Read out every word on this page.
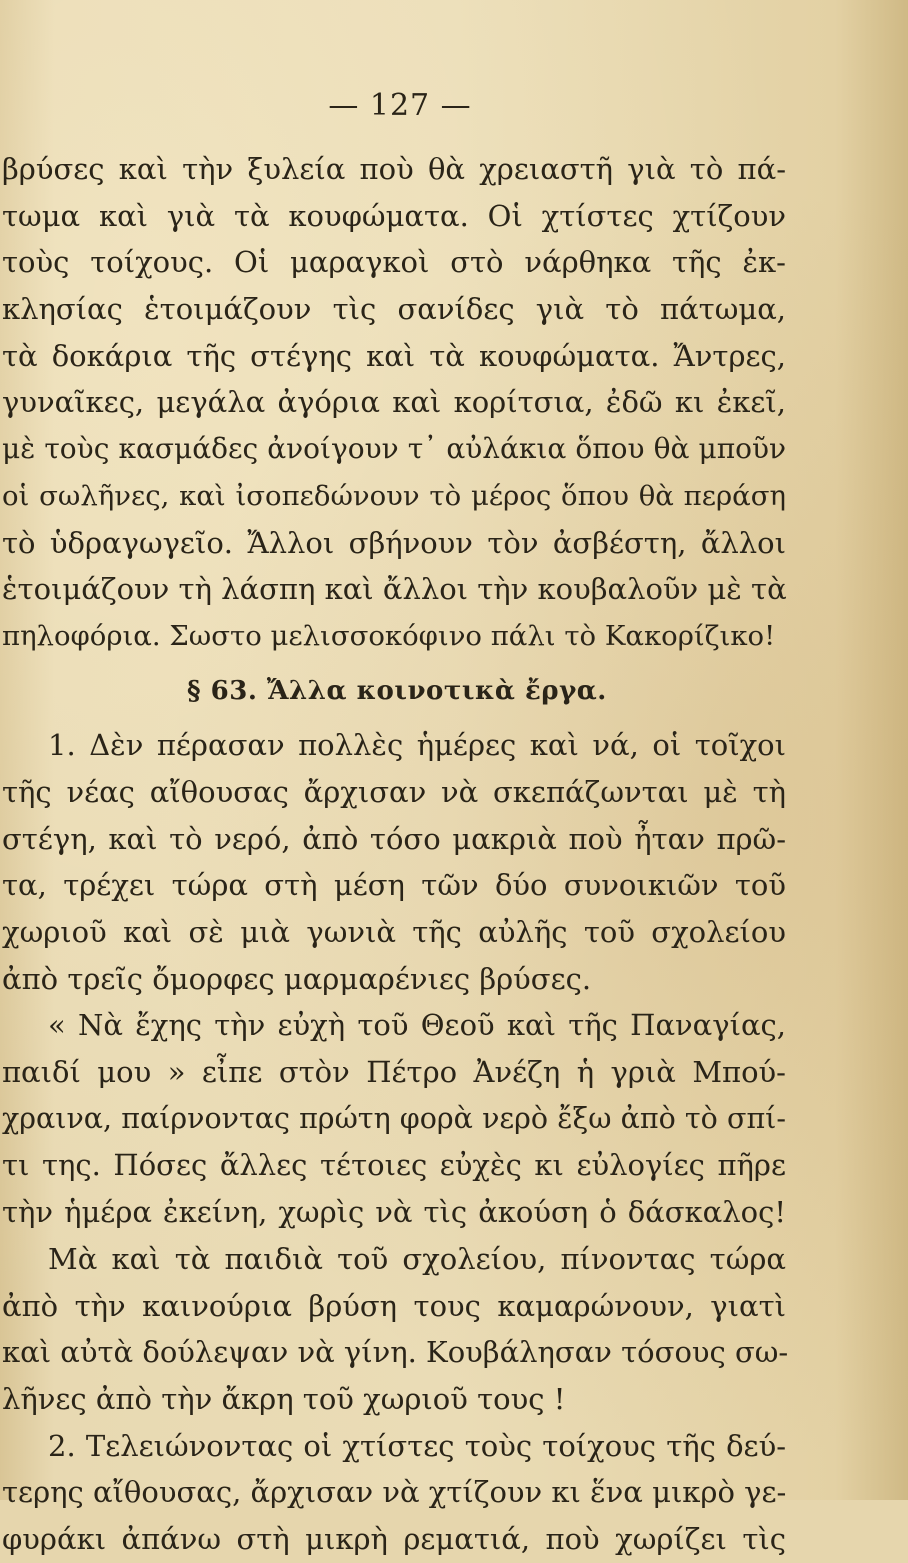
— 127 —
βρύσες καὶ τὴν ξυλεία ποὺ θὰ χρειαστῆ γιὰ τὸ πά-
τωμα καὶ γιὰ τὰ κουφώματα. Οἱ χτίστες χτίζουν
τοὺς τοίχους. Οἱ μαραγκοὶ στὸ νάρθηκα τῆς ἐκ-
κλησίας ἑτοιμάζουν τὶς σανίδες γιὰ τὸ πάτωμα,
τὰ δοκάρια τῆς στέγης καὶ τὰ κουφώματα. Ἄντρες,
γυναῖκες, μεγάλα ἀγόρια καὶ κορίτσια, ἐδῶ κι ἐκεῖ,
μὲ τοὺς κασμάδες ἀνοίγουν τ᾽ αὐλάκια ὅπου θὰ μποῦν
οἱ σωλῆνες, καὶ ἰσοπεδώνουν τὸ μέρος ὅπου θὰ περάση
τὸ ὑδραγωγεῖο. Ἄλλοι σβήνουν τὸν ἀσβέστη, ἄλλοι
ἑτοιμάζουν τὴ λάσπη καὶ ἄλλοι τὴν κουβαλοῦν μὲ τὰ
πηλοφόρια. Σωστο μελισσοκόφινο πάλι τὸ Κακορίζικο!
§ 63. Ἄλλα κοινοτικὰ ἔργα.
1. Δὲν πέρασαν πολλὲς ἡμέρες καὶ νά, οἱ τοῖχοι
τῆς νέας αἴθουσας ἄρχισαν νὰ σκεπάζωνται μὲ τὴ
στέγη, καὶ τὸ νερό, ἀπὸ τόσο μακριὰ ποὺ ἦταν πρῶ-
τα, τρέχει τώρα στὴ μέση τῶν δύο συνοικιῶν τοῦ
χωριοῦ καὶ σὲ μιὰ γωνιὰ τῆς αὐλῆς τοῦ σχολείου
ἀπὸ τρεῖς ὄμορφες μαρμαρένιες βρύσες.
« Νὰ ἔχης τὴν εὐχὴ τοῦ Θεοῦ καὶ τῆς Παναγίας,
παιδί μου » εἶπε στὸν Πέτρο Ἀνέζη ἡ γριὰ Μπού-
χραινα, παίρνοντας πρώτη φορὰ νερὸ ἔξω ἀπὸ τὸ σπί-
τι της. Πόσες ἄλλες τέτοιες εὐχὲς κι εὐλογίες πῆρε
τὴν ἡμέρα ἐκείνη, χωρὶς νὰ τὶς ἀκούση ὁ δάσκαλος!
Μὰ καὶ τὰ παιδιὰ τοῦ σχολείου, πίνοντας τώρα
ἀπὸ τὴν καινούρια βρύση τους καμαρώνουν, γιατὶ
καὶ αὐτὰ δούλεψαν νὰ γίνη. Κουβάλησαν τόσους σω-
λῆνες ἀπὸ τὴν ἄκρη τοῦ χωριοῦ τους !
2. Τελειώνοντας οἱ χτίστες τοὺς τοίχους τῆς δεύ-
τερης αἴθουσας, ἄρχισαν νὰ χτίζουν κι ἕνα μικρὸ γε-
φυράκι ἀπάνω στὴ μικρὴ ρεματιά, ποὺ χωρίζει τὶς
